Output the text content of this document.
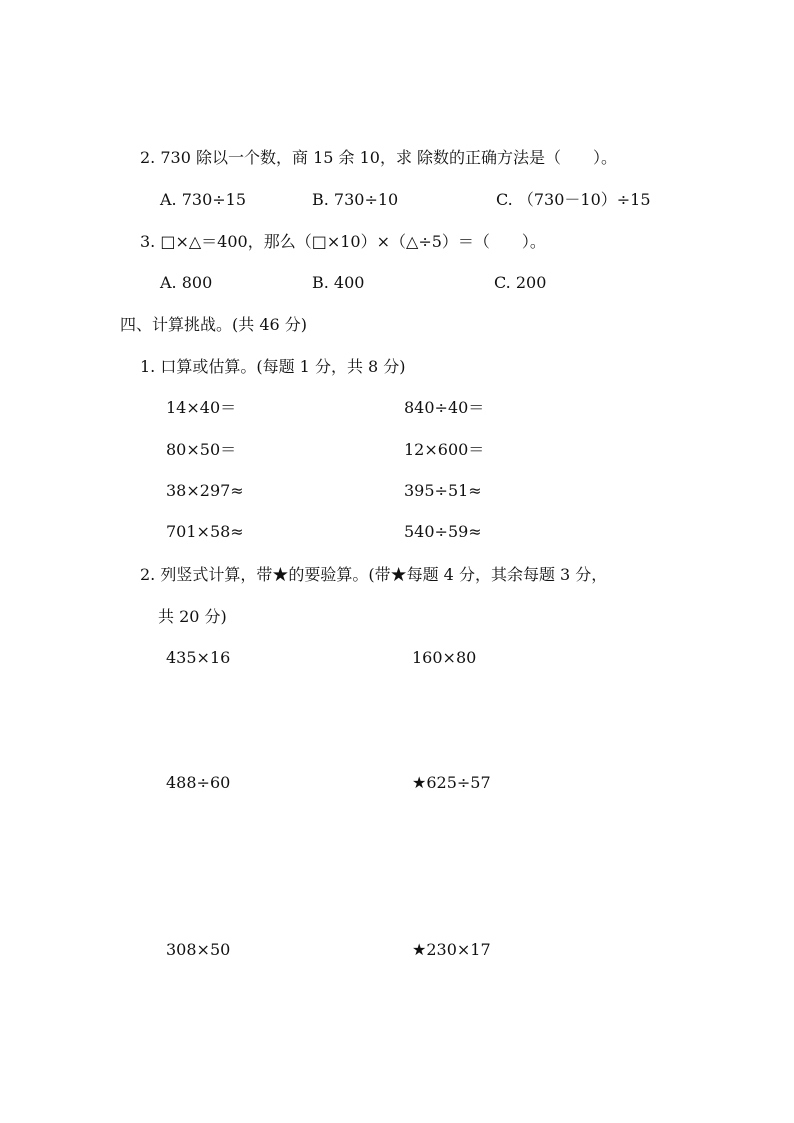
2. 730 除以一个数，商 15 余 10，求 除数的正确方法是（　　）。
A. 730÷15	B. 730÷10	C. （730－10）÷15
3. □×△＝400，那么（□×10）×（△÷5）＝（　　）。
A. 800	B. 400	C. 200
四、计算挑战。(共 46 分)
1. 口算或估算。(每题 1 分，共 8 分)
14×40＝	840÷40＝
80×50＝	12×600＝
38×297≈	395÷51≈
701×58≈	540÷59≈
2. 列竖式计算，带★的要验算。(带★每题 4 分，其余每题 3 分，
共 20 分)
435×16	160×80
488÷60	★625÷57
308×50	★230×17
